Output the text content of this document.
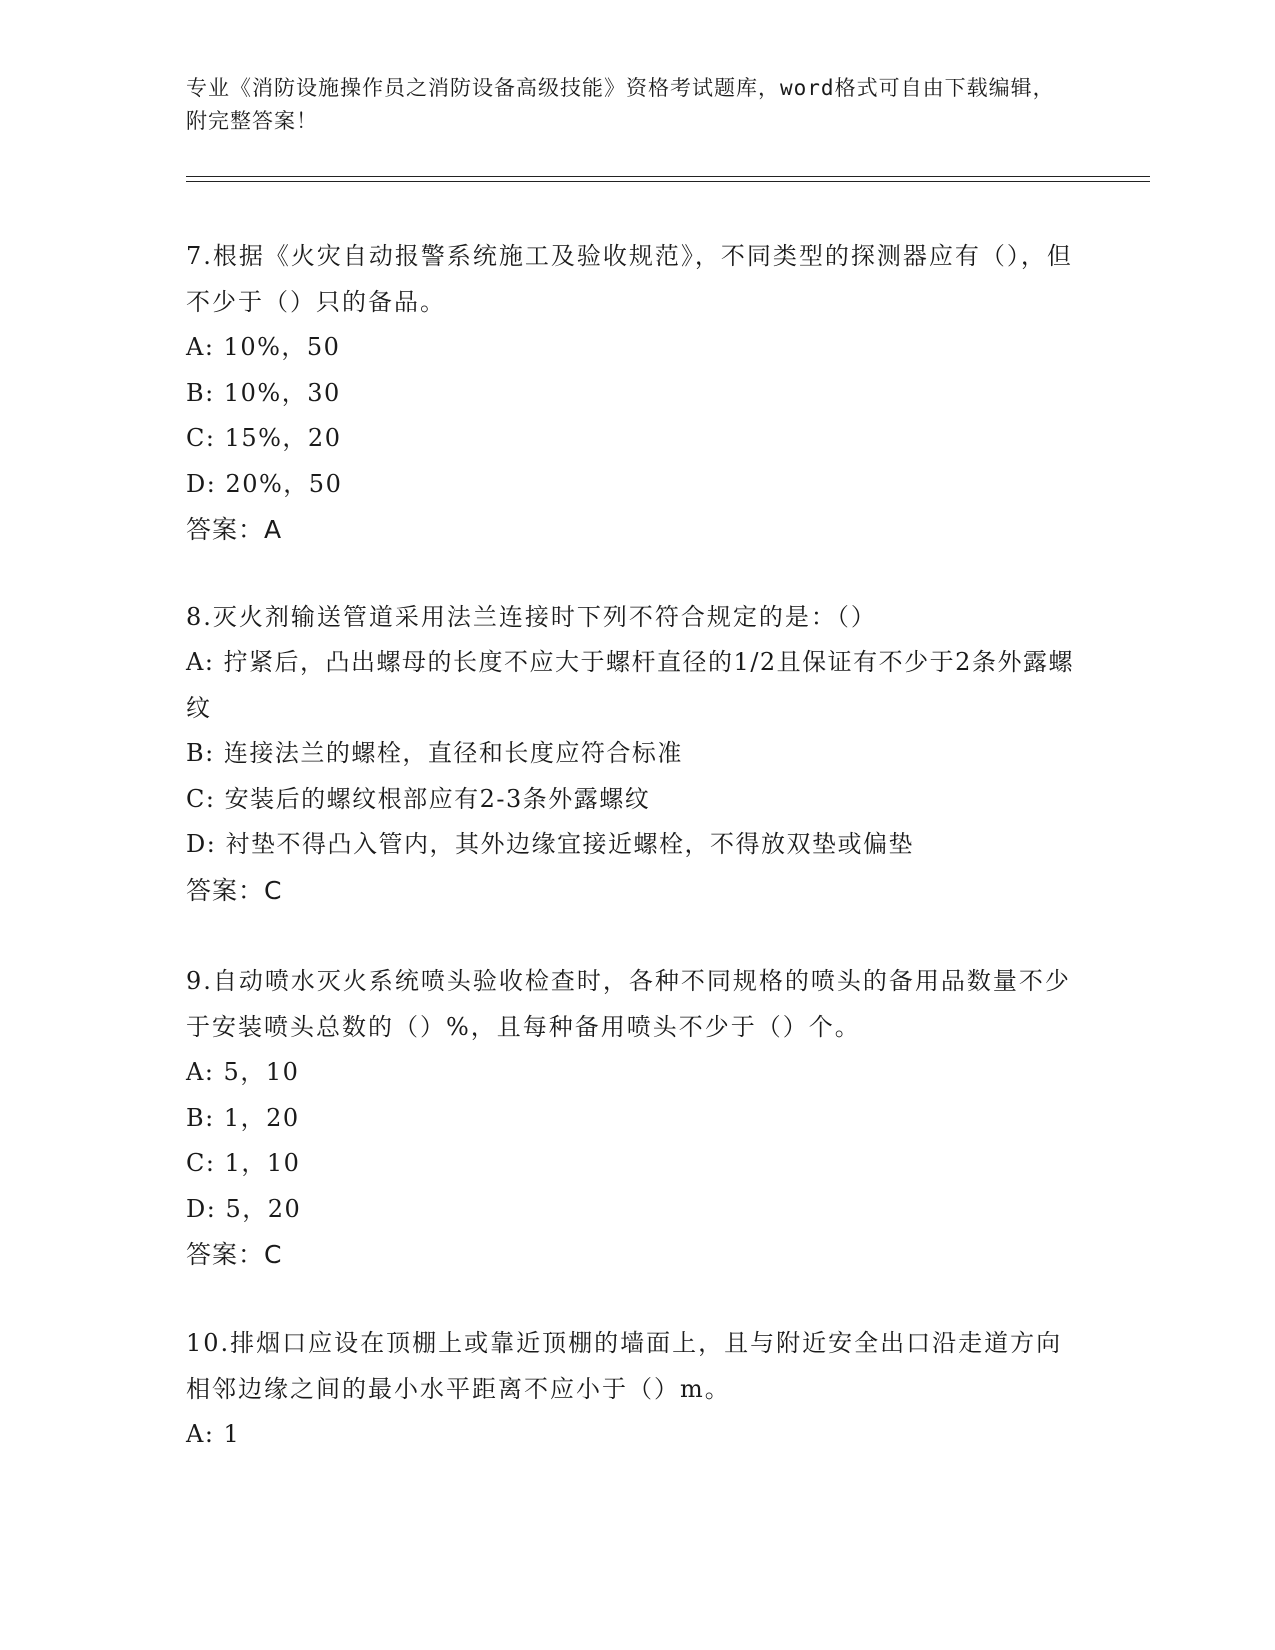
专业《消防设施操作员之消防设备高级技能》资格考试题库，word格式可自由下载编辑，附完整答案！

7.根据《火灾自动报警系统施工及验收规范》，不同类型的探测器应有（），但不少于（）只的备品。

A: 10%，50

B: 10%，30

C: 15%，20

D: 20%，50

答案：A

8.灭火剂输送管道采用法兰连接时下列不符合规定的是：（）

A: 拧紧后，凸出螺母的长度不应大于螺杆直径的1/2且保证有不少于2条外露螺纹

B: 连接法兰的螺栓，直径和长度应符合标准

C: 安装后的螺纹根部应有2-3条外露螺纹

D: 衬垫不得凸入管内，其外边缘宜接近螺栓，不得放双垫或偏垫

答案：C

9.自动喷水灭火系统喷头验收检查时，各种不同规格的喷头的备用品数量不少于安装喷头总数的（）%，且每种备用喷头不少于（）个。

A: 5，10

B: 1，20

C: 1，10

D: 5，20

答案：C

10.排烟口应设在顶棚上或靠近顶棚的墙面上，且与附近安全出口沿走道方向相邻边缘之间的最小水平距离不应小于（）m。

A: 1
